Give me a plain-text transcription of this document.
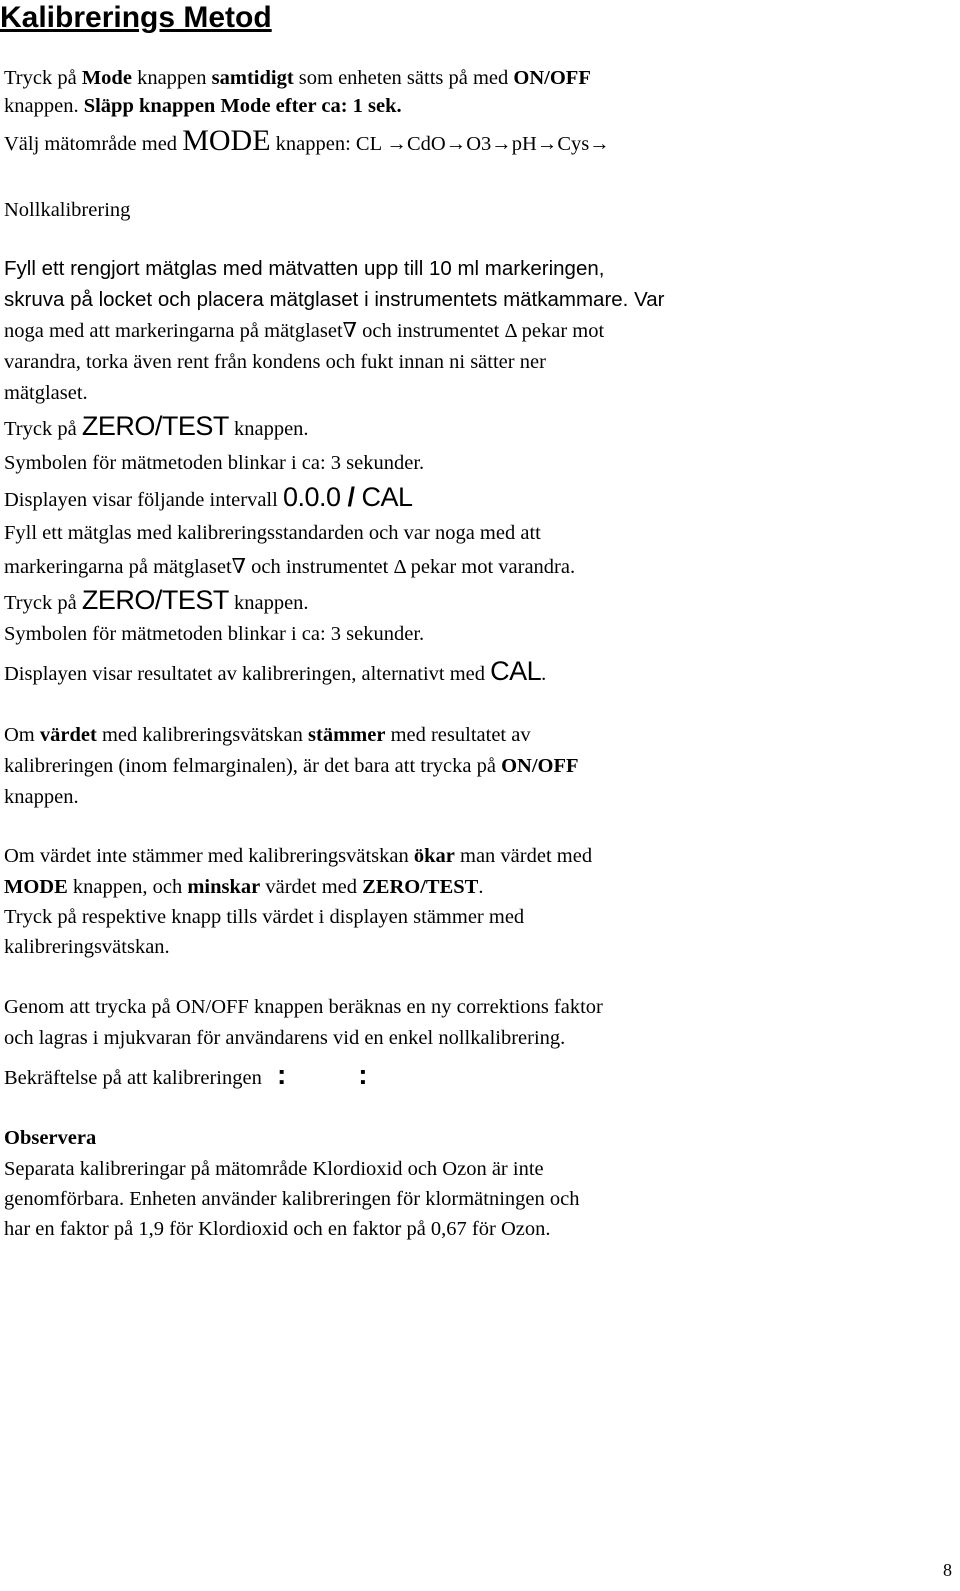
Kalibrerings Metod
Tryck på Mode knappen samtidigt som enheten sätts på med ON/OFF
knappen. Släpp knappen Mode efter ca: 1 sek.
Välj mätområde med MODE knappen: CL →CdO→O3→pH→Cys→
Nollkalibrering
Fyll ett rengjort mätglas med mätvatten upp till 10 ml markeringen,
skruva på locket och placera mätglaset i instrumentets mätkammare. Var
noga med att markeringarna på mätglaset∇ och instrumentet Δ pekar mot
varandra, torka även rent från kondens och fukt innan ni sätter ner
mätglaset.
Tryck på ZERO/TEST knappen.
Symbolen för mätmetoden blinkar i ca: 3 sekunder.
Displayen visar följande intervall 0.0.0 / CAL
Fyll ett mätglas med kalibreringsstandarden och var noga med att
markeringarna på mätglaset∇ och instrumentet Δ pekar mot varandra.
Tryck på ZERO/TEST knappen.
Symbolen för mätmetoden blinkar i ca: 3 sekunder.
Displayen visar resultatet av kalibreringen, alternativt med CAL.
Om värdet med kalibreringsvätskan stämmer med resultatet av
kalibreringen (inom felmarginalen), är det bara att trycka på ON/OFF
knappen.
Om värdet inte stämmer med kalibreringsvätskan ökar man värdet med
MODE knappen, och minskar värdet med ZERO/TEST.
Tryck på respektive knapp tills värdet i displayen stämmer med
kalibreringsvätskan.
Genom att trycka på ON/OFF knappen beräknas en ny correktions faktor
och lagras i mjukvaran för användarens vid en enkel nollkalibrering.
Bekräftelse på att kalibreringen :	:
Observera
Separata kalibreringar på mätområde Klordioxid och Ozon är inte
genomförbara. Enheten använder kalibreringen för klormätningen och
har en faktor på 1,9 för Klordioxid och en faktor på 0,67 för Ozon.
8
